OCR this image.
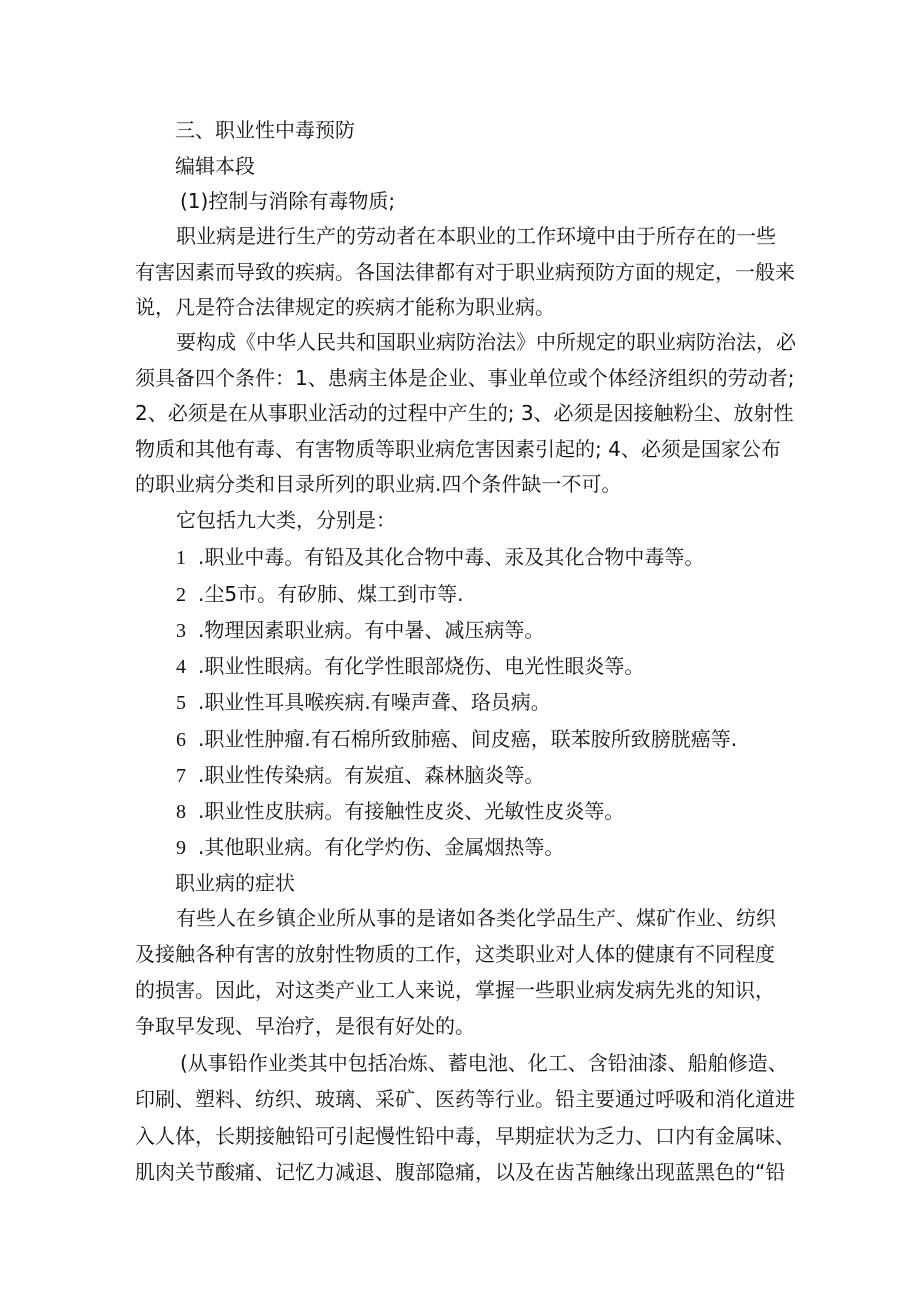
三、职业性中毒预防
编辑本段
(1)控制与消除有毒物质;
职业病是进行生产的劳动者在本职业的工作环境中由于所存在的一些
有害因素而导致的疾病。各国法律都有对于职业病预防方面的规定，一般来
说，凡是符合法律规定的疾病才能称为职业病。
要构成《中华人民共和国职业病防治法》中所规定的职业病防治法，必
须具备四个条件：1、患病主体是企业、事业单位或个体经济组织的劳动者;
2、必须是在从事职业活动的过程中产生的; 3、必须是因接触粉尘、放射性
物质和其他有毒、有害物质等职业病危害因素引起的; 4、必须是国家公布
的职业病分类和目录所列的职业病.四个条件缺一不可。
它包括九大类，分别是：
1 .职业中毒。有铅及其化合物中毒、汞及其化合物中毒等。
2 .尘5市。有矽肺、煤工到市等.
3 .物理因素职业病。有中暑、减压病等。
4 .职业性眼病。有化学性眼部烧伤、电光性眼炎等。
5 .职业性耳具喉疾病.有噪声聋、珞员病。
6 .职业性肿瘤.有石棉所致肺癌、间皮癌，联苯胺所致膀胱癌等.
7 .职业性传染病。有炭疽、森林脑炎等。
8 .职业性皮肤病。有接触性皮炎、光敏性皮炎等。
9 .其他职业病。有化学灼伤、金属烟热等。
职业病的症状
有些人在乡镇企业所从事的是诸如各类化学品生产、煤矿作业、纺织
及接触各种有害的放射性物质的工作，这类职业对人体的健康有不同程度
的损害。因此，对这类产业工人来说，掌握一些职业病发病先兆的知识，
争取早发现、早治疗，是很有好处的。
(从事铅作业类其中包括冶炼、蓄电池、化工、含铅油漆、船舶修造、
印刷、塑料、纺织、玻璃、采矿、医药等行业。铅主要通过呼吸和消化道进
入人体，长期接触铅可引起慢性铅中毒，早期症状为乏力、口内有金属味、
肌肉关节酸痛、记忆力减退、腹部隐痛，以及在齿苫触缘出现蓝黑色的“铅
